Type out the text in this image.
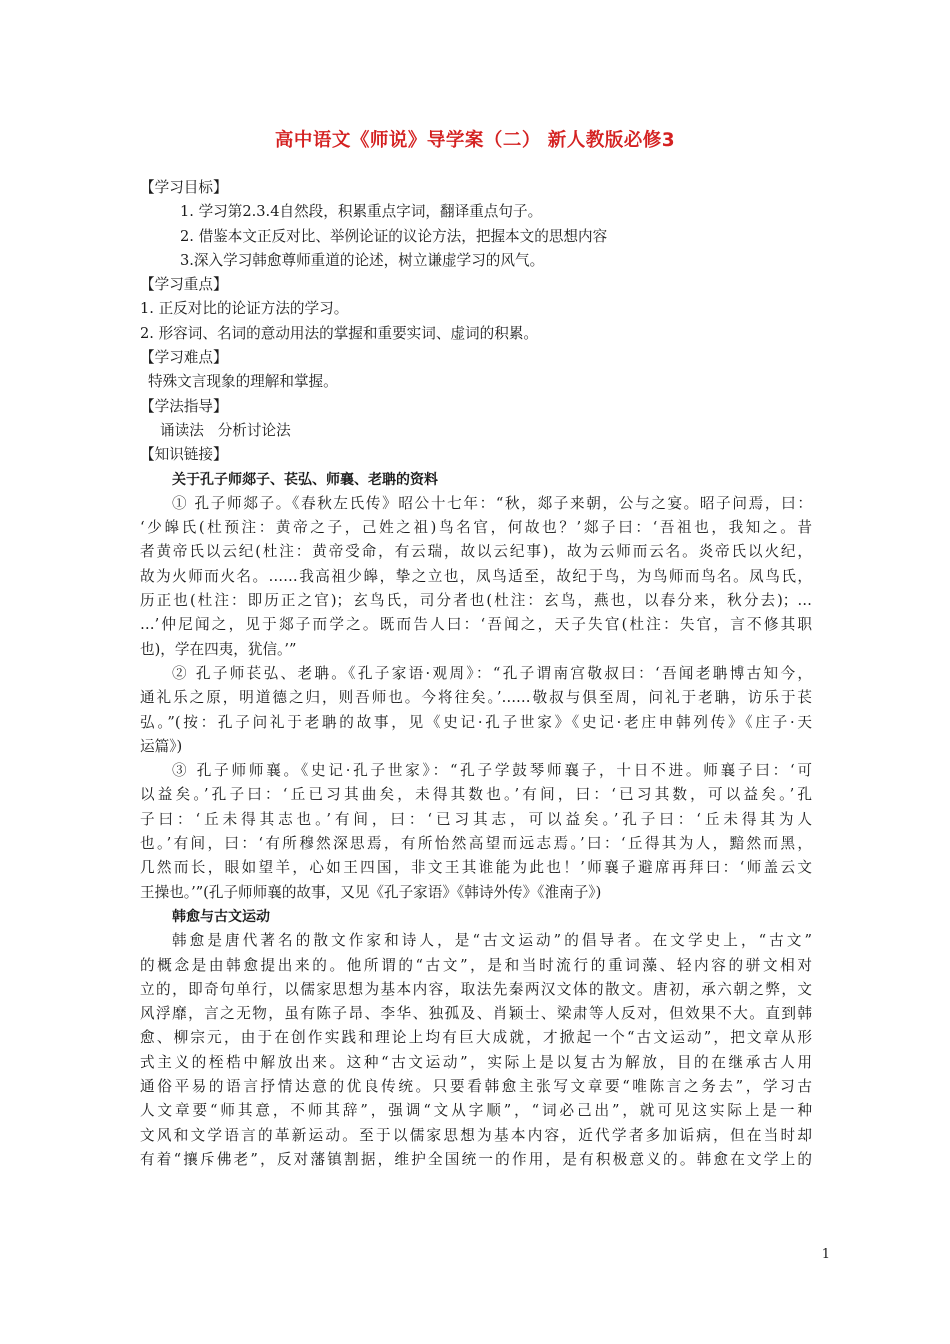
高中语文《师说》导学案（二） 新人教版必修3
【学习目标】
1. 学习第2.3.4自然段，积累重点字词，翻译重点句子。
2. 借鉴本文正反对比、举例论证的议论方法，把握本文的思想内容
3.深入学习韩愈尊师重道的论述，树立谦虚学习的风气。
【学习重点】
1. 正反对比的论证方法的学习。
2. 形容词、名词的意动用法的掌握和重要实词、虚词的积累。
【学习难点】
特殊文言现象的理解和掌握。
【学法指导】
诵读法   分析讨论法
【知识链接】
关于孔子师郯子、苌弘、师襄、老聃的资料
① 孔子师郯子。《春秋左氏传》昭公十七年：“秋，郯子来朝，公与之宴。昭子问焉，曰：
‘少皞氏(杜预注：黄帝之子，己姓之祖)鸟名官，何故也？’郯子曰：‘吾祖也，我知之。昔
者黄帝氏以云纪(杜注：黄帝受命，有云瑞，故以云纪事)，故为云师而云名。炎帝氏以火纪，
故为火师而火名。……我高祖少皞，挚之立也，凤鸟适至，故纪于鸟，为鸟师而鸟名。凤鸟氏，
历正也(杜注：即历正之官)；玄鸟氏，司分者也(杜注：玄鸟，燕也，以春分来，秋分去)；…
…’仲尼闻之，见于郯子而学之。既而告人曰：‘吾闻之，天子失官(杜注：失官，言不修其职
也)，学在四夷，犹信。’”
② 孔子师苌弘、老聃。《孔子家语·观周》：“孔子谓南宫敬叔曰：‘吾闻老聃博古知今，
通礼乐之原，明道德之归，则吾师也。今将往矣。’……敬叔与俱至周，问礼于老聃，访乐于苌
弘。”(按：孔子问礼于老聃的故事，见《史记·孔子世家》《史记·老庄申韩列传》《庄子·天
运篇》)
③ 孔子师师襄。《史记·孔子世家》：“孔子学鼓琴师襄子，十日不进。师襄子曰：‘可
以益矣。’孔子曰：‘丘已习其曲矣，未得其数也。’有间，曰：‘已习其数，可以益矣。’孔
子曰：‘丘未得其志也。’有间，曰：‘已习其志，可以益矣。’孔子曰：‘丘未得其为人
也。’有间，曰：‘有所穆然深思焉，有所怡然高望而远志焉。’曰：‘丘得其为人，黯然而黑，
几然而长，眼如望羊，心如王四国，非文王其谁能为此也！’师襄子避席再拜曰：‘师盖云文
王操也。’”(孔子师师襄的故事，又见《孔子家语》《韩诗外传》《淮南子》)
韩愈与古文运动
韩愈是唐代著名的散文作家和诗人，是“古文运动”的倡导者。在文学史上，“古文”
的概念是由韩愈提出来的。他所谓的“古文”，是和当时流行的重词藻、轻内容的骈文相对
立的，即奇句单行，以儒家思想为基本内容，取法先秦两汉文体的散文。唐初，承六朝之弊，文
风浮靡，言之无物，虽有陈子昂、李华、独孤及、肖颖士、梁肃等人反对，但效果不大。直到韩
愈、柳宗元，由于在创作实践和理论上均有巨大成就，才掀起一个“古文运动”，把文章从形
式主义的桎梏中解放出来。这种“古文运动”，实际上是以复古为解放，目的在继承古人用
通俗平易的语言抒情达意的优良传统。只要看韩愈主张写文章要“唯陈言之务去”，学习古
人文章要“师其意，不师其辞”，强调“文从字顺”，“词必己出”，就可见这实际上是一种
文风和文学语言的革新运动。至于以儒家思想为基本内容，近代学者多加诟病，但在当时却
有着“攘斥佛老”，反对藩镇割据，维护全国统一的作用，是有积极意义的。韩愈在文学上的
1
